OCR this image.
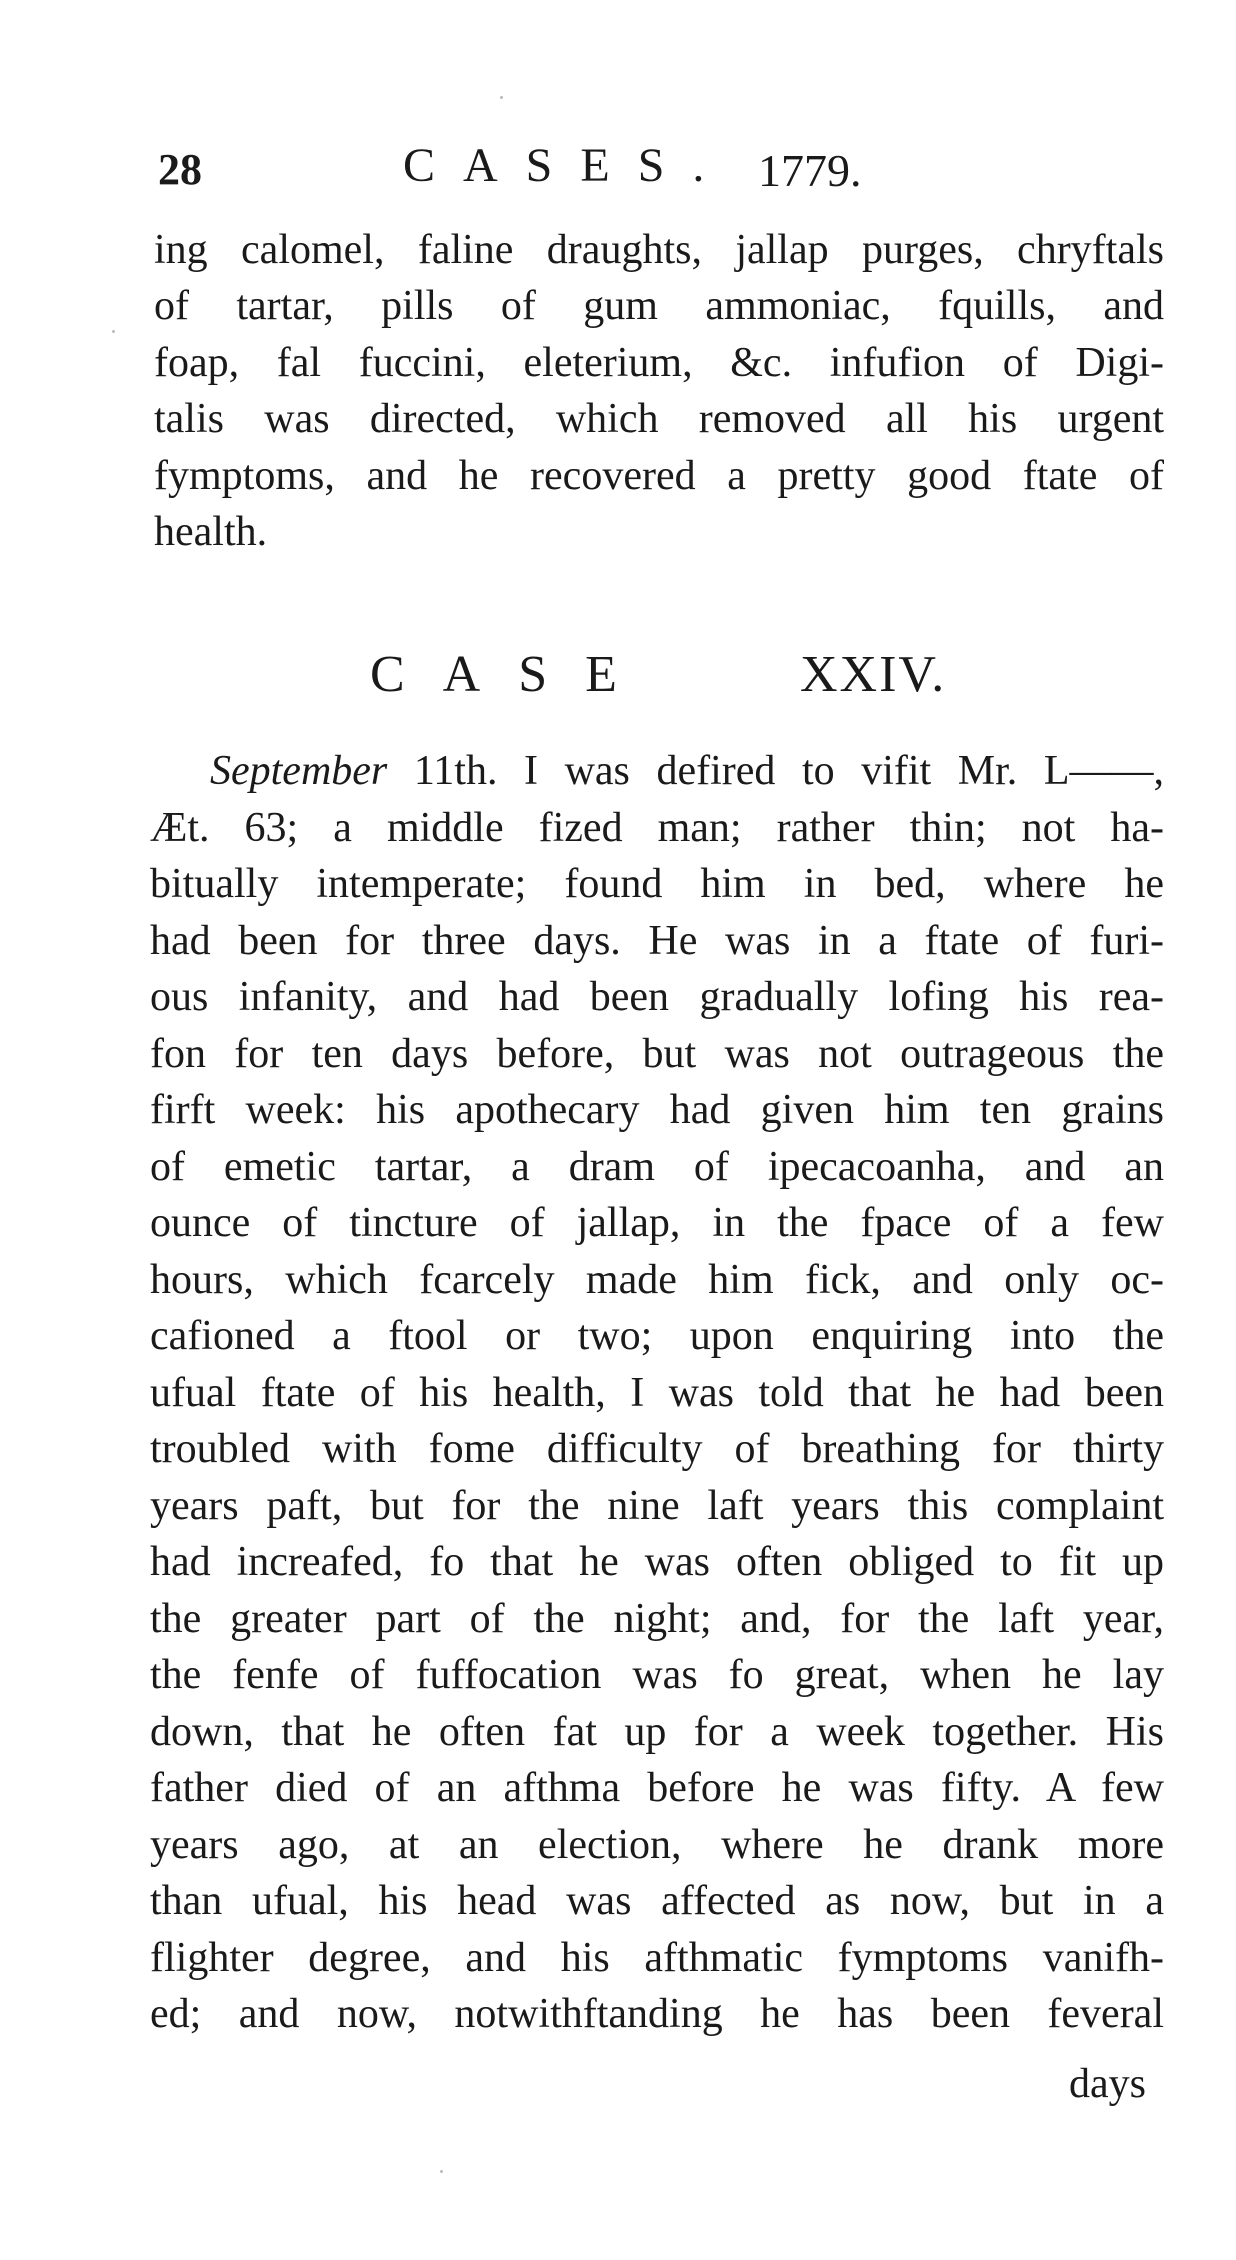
28	CASES. 1779.
ing calomel, faline draughts, jallap purges, chryftals
of tartar, pills of gum ammoniac, fquills, and
foap, fal fuccini, eleterium, &c. infufion of Digi-
talis was directed, which removed all his urgent
fymptoms, and he recovered a pretty good ftate of
health.
CASE	XXIV.
September 11th. I was defired to vifit Mr. L——,
Æt. 63; a middle fized man; rather thin; not ha-
bitually intemperate; found him in bed, where he
had been for three days. He was in a ftate of furi-
ous infanity, and had been gradually lofing his rea-
fon for ten days before, but was not outrageous the
firft week: his apothecary had given him ten grains
of emetic tartar, a dram of ipecacoanha, and an
ounce of tincture of jallap, in the fpace of a few
hours, which fcarcely made him fick, and only oc-
cafioned a ftool or two; upon enquiring into the
ufual ftate of his health, I was told that he had been
troubled with fome difficulty of breathing for thirty
years paft, but for the nine laft years this complaint
had increafed, fo that he was often obliged to fit up
the greater part of the night; and, for the laft year,
the fenfe of fuffocation was fo great, when he lay
down, that he often fat up for a week together. His
father died of an afthma before he was fifty. A few
years ago, at an election, where he drank more
than ufual, his head was affected as now, but in a
flighter degree, and his afthmatic fymptoms vanifh-
ed; and now, notwithftanding he has been feveral
days
